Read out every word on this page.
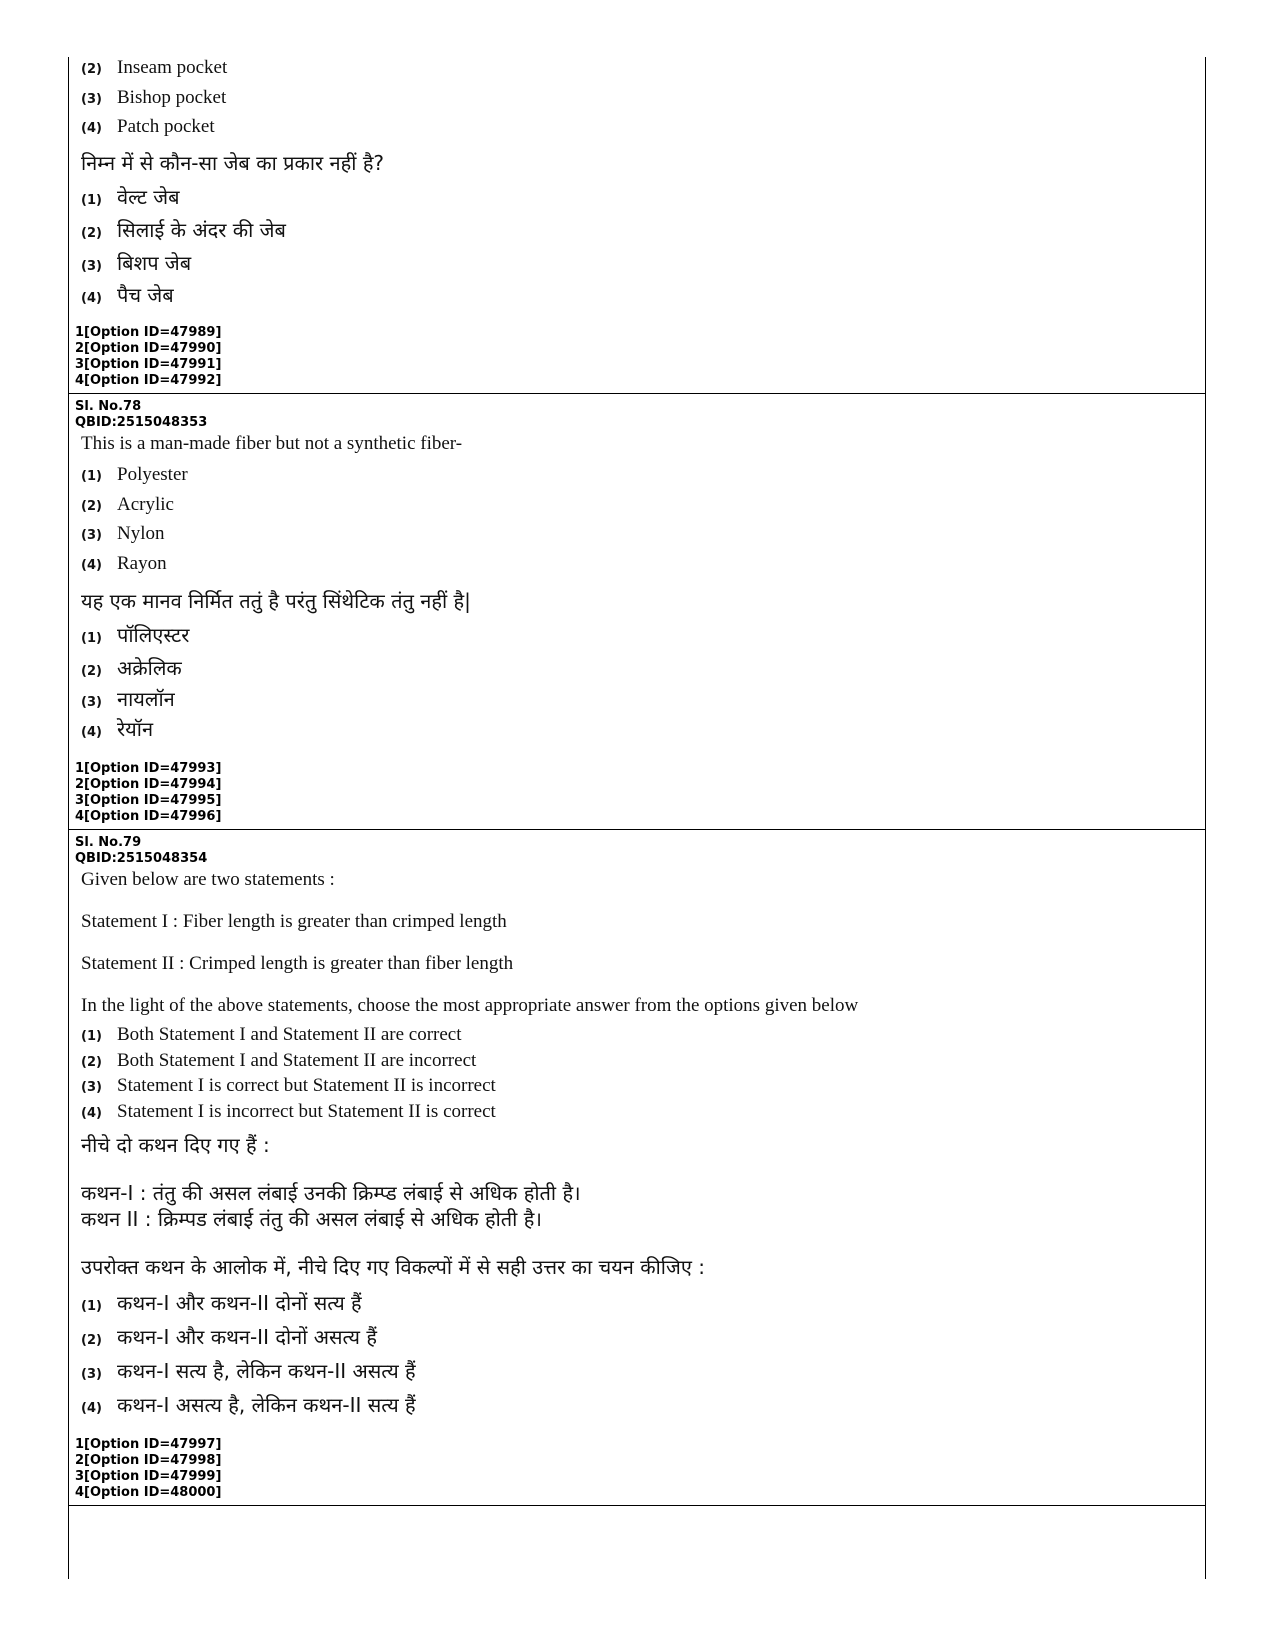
(2) Inseam pocket
(3) Bishop pocket
(4) Patch pocket
निम्न में से कौन-सा जेब का प्रकार नहीं है?
(1) वेल्ट जेब
(2) सिलाई के अंदर की जेब
(3) बिशप जेब
(4) पैच जेब
1[Option ID=47989]
2[Option ID=47990]
3[Option ID=47991]
4[Option ID=47992]
Sl. No.78
QBID:2515048353
This is a man-made fiber but not a synthetic fiber-
(1) Polyester
(2) Acrylic
(3) Nylon
(4) Rayon
यह एक मानव निर्मित ततुं है परंतु सिंथेटिक तंतु नहीं है|
(1) पॉलिएस्टर
(2) अक्रेलिक
(3) नायलॉन
(4) रेयॉन
1[Option ID=47993]
2[Option ID=47994]
3[Option ID=47995]
4[Option ID=47996]
Sl. No.79
QBID:2515048354
Given below are two statements :
Statement I : Fiber length is greater than crimped length
Statement II : Crimped length is greater than fiber length
In the light of the above statements, choose the most appropriate answer from the options given below
(1) Both Statement I and Statement II are correct
(2) Both Statement I and Statement II are incorrect
(3) Statement I is correct but Statement II is incorrect
(4) Statement I is incorrect but Statement II is correct
नीचे दो कथन दिए गए हैं :
कथन-I : तंतु की असल लंबाई उनकी क्रिम्प्ड लंबाई से अधिक होती है।
कथन II : क्रिम्पड लंबाई तंतु की असल लंबाई से अधिक होती है।
उपरोक्त कथन के आलोक में, नीचे दिए गए विकल्पों में से सही उत्तर का चयन कीजिए :
(1) कथन-I और कथन-II दोनों सत्य हैं
(2) कथन-I और कथन-II दोनों असत्य हैं
(3) कथन-I सत्य है, लेकिन कथन-II असत्य हैं
(4) कथन-I असत्य है, लेकिन कथन-II सत्य हैं
1[Option ID=47997]
2[Option ID=47998]
3[Option ID=47999]
4[Option ID=48000]
